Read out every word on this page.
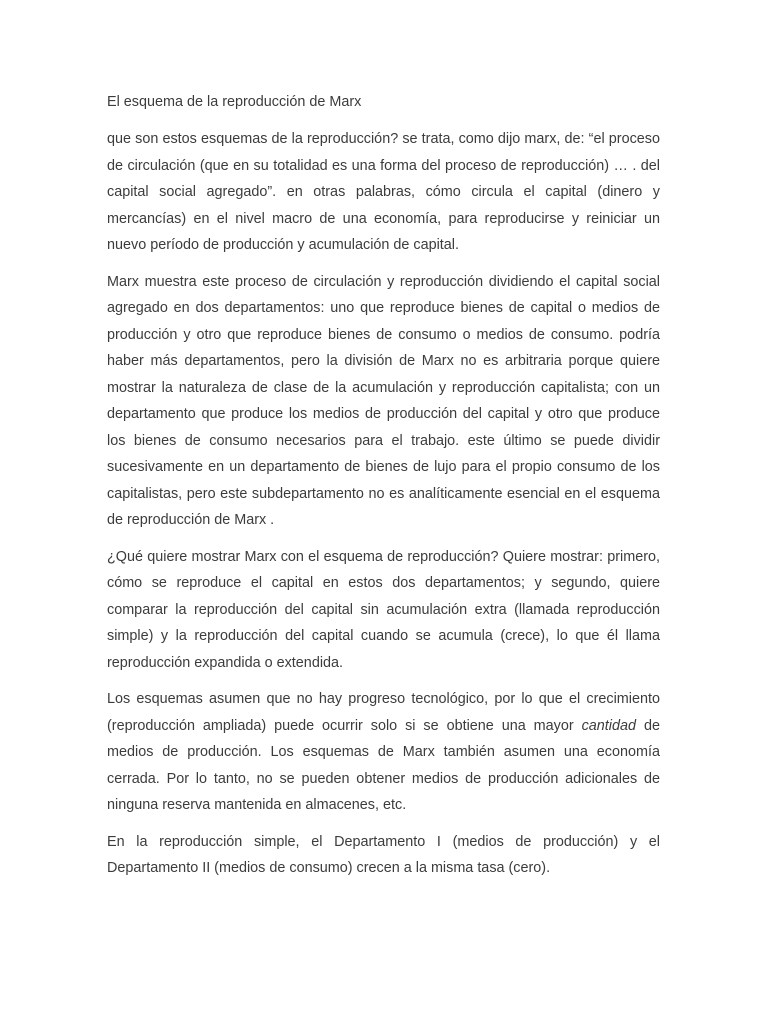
El esquema de la reproducción de Marx

que son estos esquemas de la reproducción? se trata, como dijo marx, de: “el proceso de circulación (que en su totalidad es una forma del proceso de reproducción) … . del capital social agregado”. en otras palabras, cómo circula el capital (dinero y mercancías) en el nivel macro de una economía, para reproducirse y reiniciar un nuevo período de producción y acumulación de capital.

Marx muestra este proceso de circulación y reproducción dividiendo el capital social agregado en dos departamentos: uno que reproduce bienes de capital o medios de producción y otro que reproduce bienes de consumo o medios de consumo. podría haber más departamentos, pero la división de Marx no es arbitraria porque quiere mostrar la naturaleza de clase de la acumulación y reproducción capitalista; con un departamento que produce los medios de producción del capital y otro que produce los bienes de consumo necesarios para el trabajo. este último se puede dividir sucesivamente en un departamento de bienes de lujo para el propio consumo de los capitalistas, pero este subdepartamento no es analíticamente esencial en el esquema de reproducción de Marx .

¿Qué quiere mostrar Marx con el esquema de reproducción? Quiere mostrar: primero, cómo se reproduce el capital en estos dos departamentos; y segundo, quiere comparar la reproducción del capital sin acumulación extra (llamada reproducción simple) y la reproducción del capital cuando se acumula (crece), lo que él llama reproducción expandida o extendida.

Los esquemas asumen que no hay progreso tecnológico, por lo que el crecimiento (reproducción ampliada) puede ocurrir solo si se obtiene una mayor cantidad de medios de producción. Los esquemas de Marx también asumen una economía cerrada. Por lo tanto, no se pueden obtener medios de producción adicionales de ninguna reserva mantenida en almacenes, etc.

En la reproducción simple, el Departamento I (medios de producción) y el Departamento II (medios de consumo) crecen a la misma tasa (cero).
